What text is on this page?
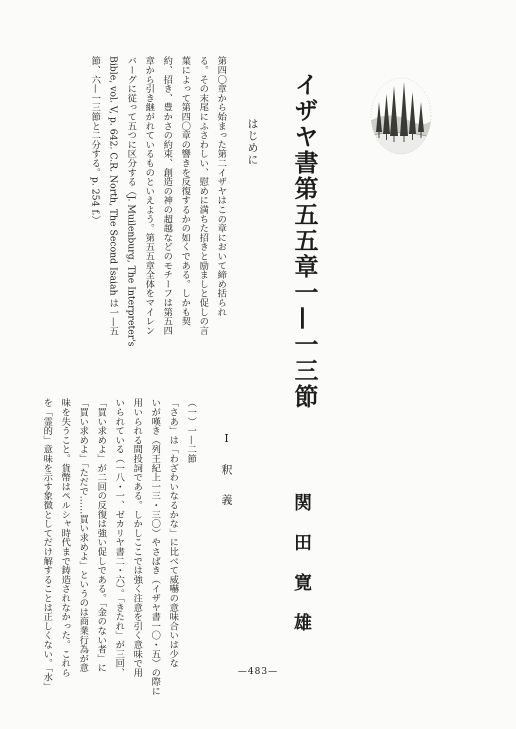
イザヤ書第五五章一—一三節
関田寛雄
はじめに
第四〇章から始まった第二イザヤはこの章において締め括られ
る。その末尾にふさわしい、慰めに満ちた招きと励ましと促しの言
葉によって第四〇章の響きを反復するかの如くである。しかも契
約、招き、豊かさの約束、創造の神の超越などのモチーフは第五四
章から引き継がれているものといえよう。第五五章全体をマイレン
バーグに従って五つに区分する（J. Muilenburg, The Interpreter's
Bible, vol. V, p. 642. C.R. North, The Second Isaiah は一—五
節、六—一三節と二分する。p. 254 f.）
Ⅰ　釈　義
（一）一—二節
「さあ」は「わざわいなるかな」に比べて威嚇の意味合いは少な
いが嘆き（列王紀上一三・三〇）やさばき（イザヤ書一〇・五）の際に
用いられる間投詞である。しかしここでは強く注意を引く意味で用
いられている（一八・一、ゼカリヤ書二・六）。「きたれ」が三回、
「買い求めよ」が二回の反復は強い促しである。「金のない者」に
「買い求めよ」「ただで……買い求めよ」というのは商業行為が意
味を失うこと。貨幣はペルシャ時代まで鋳造されなかった。これら
を「霊的」意味を示す象徴としてだけ解することは正しくない。「水」	—483—
